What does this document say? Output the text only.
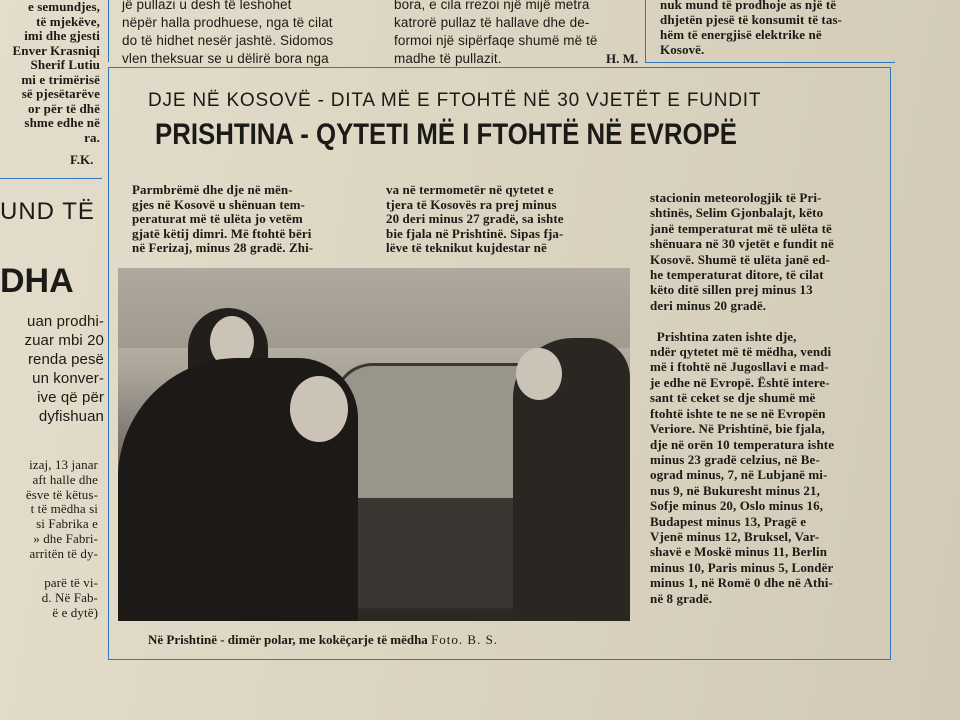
e semundjes,
të mjekëve,
imi dhe gjesti
Enver Krasniqi
Sherif Lutiu
mi e trimërisë
së pjesëtarëve
or për të dhë
shme edhe në
ra.
F.K.
UND TË
DHA
uan prodhi-
zuar mbi 20
renda pesë
un konver-
ive që për
dyfishuan
izaj, 13 janar
aft halle dhe
ësve të këtus-
t të mëdha si
si Fabrika e
» dhe Fabri-
arritën të dy-

parë të vi-
d. Në Fab-
ë e dytë)
jë pullazi u desh të leshohet
nëpër halla prodhuese, nga të cilat
do të hidhet nesër jashtë. Sidomos
vlen theksuar se u dëlirë bora nga
bora, e cila rrezoi një mijë metra
katrorë pullaz të hallave dhe de-
formoi një sipërfaqe shumë më të
madhe të pullazit.	H. M.
nuk mund të prodhoje as një të
dhjetën pjesë të konsumit të tas-
hëm të energjisë elektrike në
Kosovë.
DJE NË KOSOVË - DITA MË E FTOHTË NË 30 VJETËT E FUNDIT
PRISHTINA - QYTETI MË I FTOHTË NË EVROPË
Parmbrëmë dhe dje në mën-
gjes në Kosovë u shënuan tem-
peraturat më të ulëta jo vetëm
gjatë këtij dimri. Më ftohtë bëri
në Ferizaj, minus 28 gradë. Zhi-
va në termometër në qytetet e
tjera të Kosovës ra prej minus
20 deri minus 27 gradë, sa ishte
bie fjala në Prishtinë. Sipas fja-
lëve të teknikut kujdestar në
stacionin meteorologjik të Pri-
shtinës, Selim Gjonbalajt, këto
janë temperaturat më të ulëta të
shënuara në 30 vjetët e fundit në
Kosovë. Shumë të ulëta janë ed-
he temperaturat ditore, të cilat
këto ditë sillen prej minus 13
deri minus 20 gradë.

Prishtina zaten ishte dje,
ndër qytetet më të mëdha, vendi
më i ftohtë në Jugosllavi e mad-
je edhe në Evropë. Është intere-
sant të ceket se dje shumë më
ftohtë ishte te ne se në Evropën
Veriore. Në Prishtinë, bie fjala,
dje në orën 10 temperatura ishte
minus 23 gradë celzius, në Be-
ograd minus, 7, në Lubjanë mi-
nus 9, në Bukuresht minus 21,
Sofje minus 20, Oslo minus 16,
Budapest minus 13, Pragë e
Vjenë minus 12, Bruksel, Var-
shavë e Moskë minus 11, Berlin
minus 10, Paris minus 5, Londër
minus 1, në Romë 0 dhe në Athi-
në 8 gradë.
Në Prishtinë - dimër polar, me kokëçarje të mëdha Foto. B. S.
